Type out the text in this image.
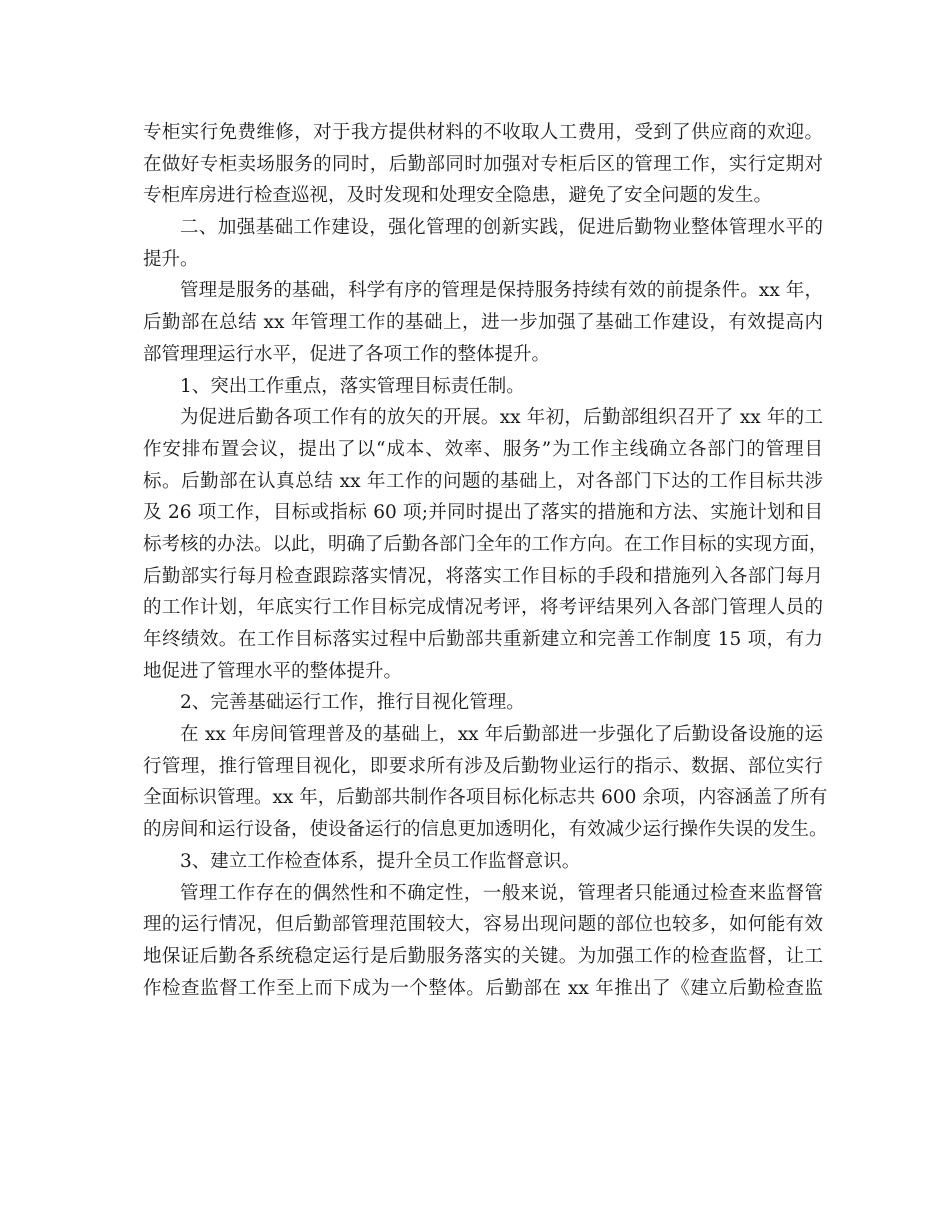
专柜实行免费维修，对于我方提供材料的不收取人工费用，受到了供应商的欢迎。
在做好专柜卖场服务的同时，后勤部同时加强对专柜后区的管理工作，实行定期对
专柜库房进行检查巡视，及时发现和处理安全隐患，避免了安全问题的发生。
二、加强基础工作建设，强化管理的创新实践，促进后勤物业整体管理水平的
提升。
管理是服务的基础，科学有序的管理是保持服务持续有效的前提条件。xx 年，
后勤部在总结 xx 年管理工作的基础上，进一步加强了基础工作建设，有效提高内
部管理理运行水平，促进了各项工作的整体提升。
1、突出工作重点，落实管理目标责任制。
为促进后勤各项工作有的放矢的开展。xx 年初，后勤部组织召开了 xx 年的工
作安排布置会议，提出了以“成本、效率、服务”为工作主线确立各部门的管理目
标。后勤部在认真总结 xx 年工作的问题的基础上，对各部门下达的工作目标共涉
及 26 项工作，目标或指标 60 项;并同时提出了落实的措施和方法、实施计划和目
标考核的办法。以此，明确了后勤各部门全年的工作方向。在工作目标的实现方面，
后勤部实行每月检查跟踪落实情况，将落实工作目标的手段和措施列入各部门每月
的工作计划，年底实行工作目标完成情况考评，将考评结果列入各部门管理人员的
年终绩效。在工作目标落实过程中后勤部共重新建立和完善工作制度 15 项，有力
地促进了管理水平的整体提升。
2、完善基础运行工作，推行目视化管理。
在 xx 年房间管理普及的基础上，xx 年后勤部进一步强化了后勤设备设施的运
行管理，推行管理目视化，即要求所有涉及后勤物业运行的指示、数据、部位实行
全面标识管理。xx 年，后勤部共制作各项目标化标志共 600 余项，内容涵盖了所有
的房间和运行设备，使设备运行的信息更加透明化，有效减少运行操作失误的发生。
3、建立工作检查体系，提升全员工作监督意识。
管理工作存在的偶然性和不确定性，一般来说，管理者只能通过检查来监督管
理的运行情况，但后勤部管理范围较大，容易出现问题的部位也较多，如何能有效
地保证后勤各系统稳定运行是后勤服务落实的关键。为加强工作的检查监督，让工
作检查监督工作至上而下成为一个整体。后勤部在 xx 年推出了《建立后勤检查监
